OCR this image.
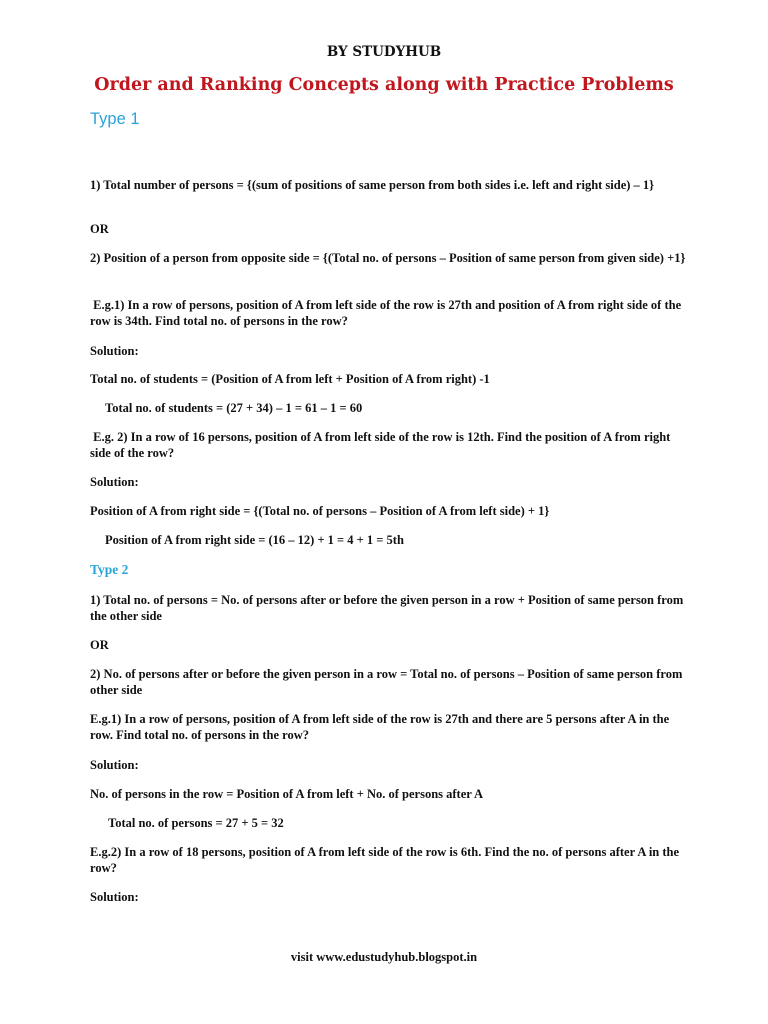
BY STUDYHUB
Order and Ranking Concepts along with Practice Problems
Type 1
1) Total number of persons = {(sum of positions of same person from both sides i.e. left and right side) – 1}
OR
2) Position of a person from opposite side = {(Total no. of persons – Position of same person from given side) +1}
E.g.1) In a row of persons, position of A from left side of the row is 27th and position of A from right side of the row is 34th. Find total no. of persons in the row?
Solution:
Total no. of students = (Position of A from left + Position of A from right) -1
Total no. of students = (27 + 34) – 1 = 61 – 1 = 60
E.g. 2) In a row of 16 persons, position of A from left side of the row is 12th. Find the position of A from right side of the row?
Solution:
Position of A from right side = {(Total no. of persons – Position of A from left side) + 1}
Position of A from right side = (16 – 12) + 1 = 4 + 1 = 5th
Type 2
1) Total no. of persons = No. of persons after or before the given person in a row + Position of same person from the other side
OR
2) No. of persons after or before the given person in a row = Total no. of persons – Position of same person from other side
E.g.1) In a row of persons, position of A from left side of the row is 27th and there are 5 persons after A in the row. Find total no. of persons in the row?
Solution:
No. of persons in the row = Position of A from left + No. of persons after A
Total no. of persons = 27 + 5 = 32
E.g.2) In a row of 18 persons, position of A from left side of the row is 6th. Find the no. of persons after A in the row?
Solution:
visit www.edustudyhub.blogspot.in
